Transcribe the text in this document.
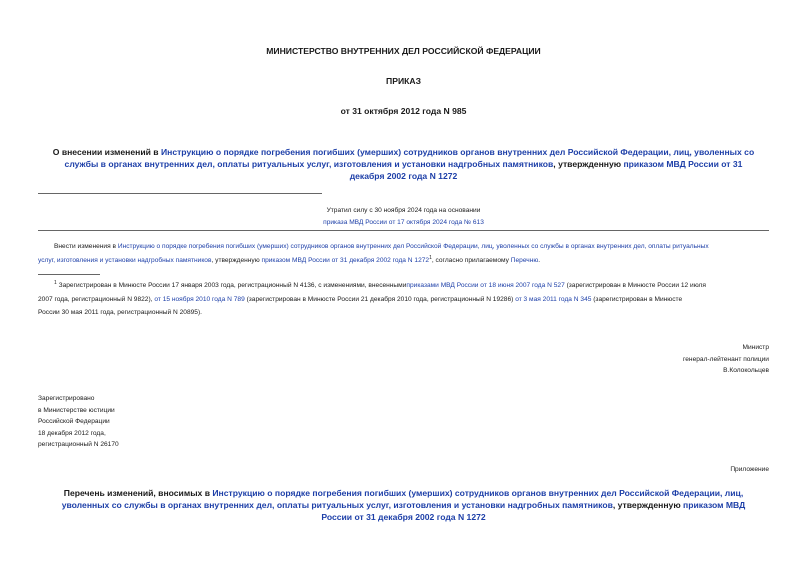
МИНИСТЕРСТВО ВНУТРЕННИХ ДЕЛ РОССИЙСКОЙ ФЕДЕРАЦИИ
ПРИКАЗ
от 31 октября 2012 года N 985
О внесении изменений в Инструкцию о порядке погребения погибших (умерших) сотрудников органов внутренних дел Российской Федерации, лиц, уволенных со службы в органах внутренних дел, оплаты ритуальных услуг, изготовления и установки надгробных памятников, утвержденную приказом МВД России от 31
декабря 2002 года N 1272
Утратил силу с 30 ноября 2024 года на основании
приказа МВД России от 17 октября 2024 года № 613
Внести изменения в Инструкцию о порядке погребения погибших (умерших) сотрудников органов внутренних дел Российской Федерации, лиц, уволенных со службы в органах внутренних дел, оплаты ритуальных
услуг, изготовления и установки надгробных памятников, утвержденную приказом МВД России от 31 декабря 2002 года N 1272$^1$, согласно прилагаемому Перечню.
$^1$ Зарегистрирован в Минюсте России 17 января 2003 года, регистрационный N 4136, с изменениями, внесеннымиприказами МВД России от 18 июня 2007 года N 527 (зарегистрирован в Минюсте России 12 июля
2007 года, регистрационный N 9822), от 15 ноября 2010 года N 789 (зарегистрирован в Минюсте России 21 декабря 2010 года, регистрационный N 19286) от 3 мая 2011 года N 345 (зарегистрирован в Минюсте
России 30 мая 2011 года, регистрационный N 20895).
Министр
генерал-лейтенант полиции
В.Колокольцев
Зарегистрировано
в Министерстве юстиции
Российской Федерации
18 декабря 2012 года,
регистрационный N 26170
Приложение
Перечень изменений, вносимых в Инструкцию о порядке погребения погибших (умерших) сотрудников органов внутренних дел Российской Федерации, лиц,
уволенных со службы в органах внутренних дел, оплаты ритуальных услуг, изготовления и установки надгробных памятников, утвержденную приказом МВД
России от 31 декабря 2002 года N 1272
